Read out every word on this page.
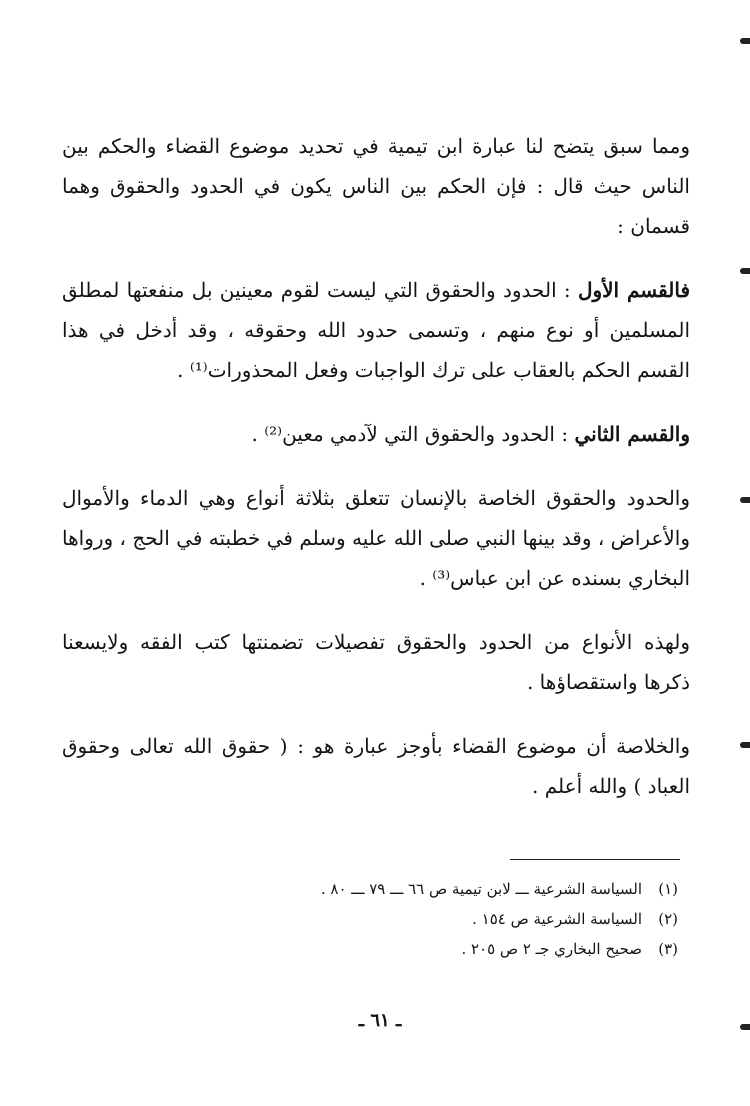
ومما سبق يتضح لنا عبارة ابن تيمية في تحديد موضوع القضاء والحكم بين الناس حيث قال : فإن الحكم بين الناس يكون في الحدود والحقوق وهما قسمان :

فالقسم الأول : الحدود والحقوق التي ليست لقوم معينين بل منفعتها لمطلق المسلمين أو نوع منهم ، وتسمى حدود الله وحقوقه ، وقد أدخل في هذا القسم الحكم بالعقاب على ترك الواجبات وفعل المحذورات⁽¹⁾ .

والقسم الثاني : الحدود والحقوق التي لآدمي معين⁽²⁾ .

والحدود والحقوق الخاصة بالإنسان تتعلق بثلاثة أنواع وهي الدماء والأموال والأعراض ، وقد بينها النبي صلى الله عليه وسلم في خطبته في الحج ، ورواها البخاري بسنده عن ابن عباس⁽³⁾ .

ولهذه الأنواع من الحدود والحقوق تفصيلات تضمنتها كتب الفقه ولايسعنا ذكرها واستقصاؤها .

والخلاصة أن موضوع القضاء بأوجز عبارة هو : ( حقوق الله تعالى وحقوق العباد ) والله أعلم .

(١)
السياسة الشرعية ـــ لابن تيمية ص ٦٦ ـــ ٧٩ ـــ ٨٠ .
(٢)
السياسة الشرعية ص ١٥٤ .
(٣)
صحيح البخاري جـ ٢ ص ٢٠٥ .
ـ ٦١ ـ
